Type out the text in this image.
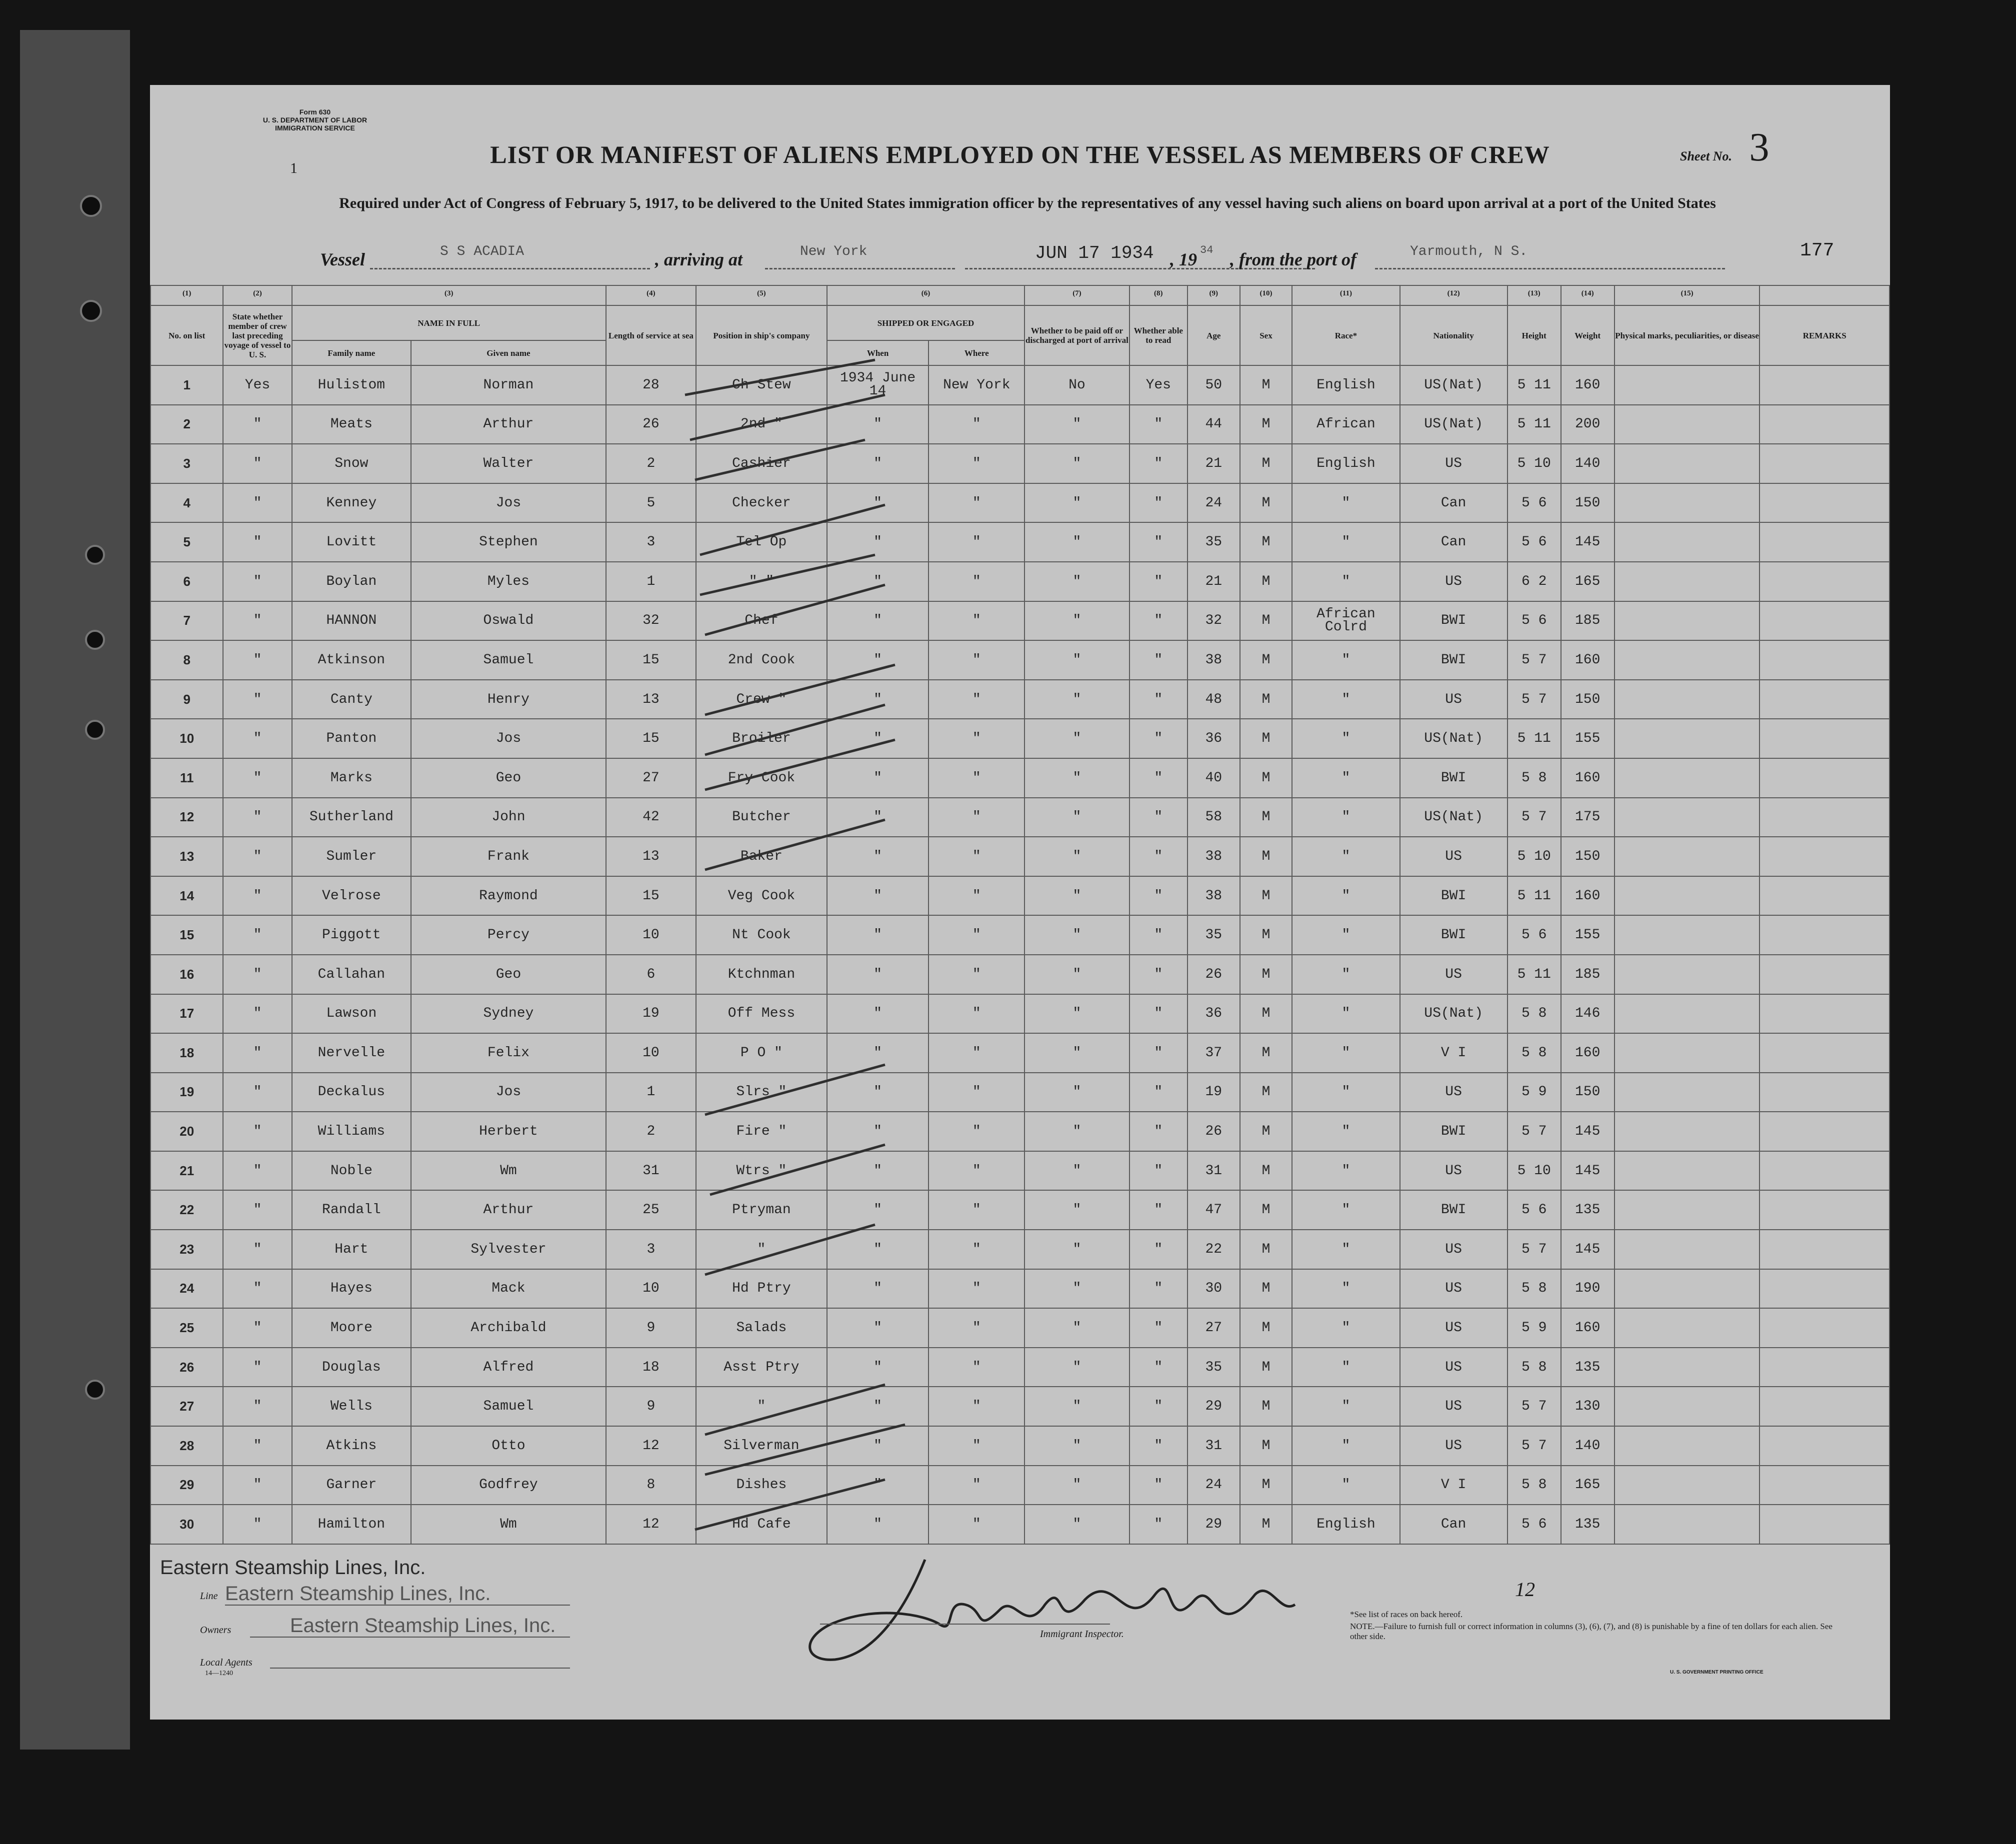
Form 630
U. S. DEPARTMENT OF LABOR
IMMIGRATION SERVICE
1
Sheet No. 3
LIST OR MANIFEST OF ALIENS EMPLOYED ON THE VESSEL AS MEMBERS OF CREW
Required under Act of Congress of February 5, 1917, to be delivered to the United States immigration officer by the representatives of any vessel having such aliens on board upon arrival at a port of the United States
Vessel	S S ACADIA	, arriving at	New York	JUN 17 1934 , 19 34 , from the port of	Yarmouth, N S.	177
(1)	(2)	(3)		(4)	(5)	(6)		(7)	(8)	(9)	(10)	(11)	(12)	(13)	(14)	(15)	
No. on list	State whether member of crew last preceding voyage of vessel to U. S.	NAME IN FULL		Length of service at sea	Position in ship's company	SHIPPED OR ENGAGED		Whether to be paid off or discharged at port of arrival	Whether able to read	Age	Sex	Race*	Nationality	Height	Weight	Physical marks, peculiarities, or disease	REMARKS
		Family name	Given name			When	Where										
1	Yes	Hulistom	Norman	28	Ch Stew	1934 June 14	New York	No	Yes	50	M	English	US(Nat)	5 11	160		
2	"	Meats	Arthur	26	2nd "	"	"	"	"	44	M	African	US(Nat)	5 11	200		
3	"	Snow	Walter	2	Cashier	"	"	"	"	21	M	English	US	5 10	140		
4	"	Kenney	Jos	5	Checker	"	"	"	"	24	M	"	Can	5 6	150		
5	"	Lovitt	Stephen	3	Tel Op	"	"	"	"	35	M	"	Can	5 6	145		
6	"	Boylan	Myles	1	" "	"	"	"	"	21	M	"	US	6 2	165		
7	"	HANNON	Oswald	32	Chef	"	"	"	"	32	M	African Colrd	BWI	5 6	185		
8	"	Atkinson	Samuel	15	2nd Cook	"	"	"	"	38	M	"	BWI	5 7	160		
9	"	Canty	Henry	13	Crew "	"	"	"	"	48	M	"	US	5 7	150		
10	"	Panton	Jos	15	Broiler	"	"	"	"	36	M	"	US(Nat)	5 11	155		
11	"	Marks	Geo	27	Fry Cook	"	"	"	"	40	M	"	BWI	5 8	160		
12	"	Sutherland	John	42	Butcher	"	"	"	"	58	M	"	US(Nat)	5 7	175		
13	"	Sumler	Frank	13	Baker	"	"	"	"	38	M	"	US	5 10	150		
14	"	Velrose	Raymond	15	Veg Cook	"	"	"	"	38	M	"	BWI	5 11	160		
15	"	Piggott	Percy	10	Nt Cook	"	"	"	"	35	M	"	BWI	5 6	155		
16	"	Callahan	Geo	6	Ktchnman	"	"	"	"	26	M	"	US	5 11	185		
17	"	Lawson	Sydney	19	Off Mess	"	"	"	"	36	M	"	US(Nat)	5 8	146		
18	"	Nervelle	Felix	10	P O "	"	"	"	"	37	M	"	V I	5 8	160		
19	"	Deckalus	Jos	1	Slrs "	"	"	"	"	19	M	"	US	5 9	150		
20	"	Williams	Herbert	2	Fire "	"	"	"	"	26	M	"	BWI	5 7	145		
21	"	Noble	Wm	31	Wtrs "	"	"	"	"	31	M	"	US	5 10	145		
22	"	Randall	Arthur	25	Ptryman	"	"	"	"	47	M	"	BWI	5 6	135		
23	"	Hart	Sylvester	3	"	"	"	"	"	22	M	"	US	5 7	145		
24	"	Hayes	Mack	10	Hd Ptry	"	"	"	"	30	M	"	US	5 8	190		
25	"	Moore	Archibald	9	Salads	"	"	"	"	27	M	"	US	5 9	160		
26	"	Douglas	Alfred	18	Asst Ptry	"	"	"	"	35	M	"	US	5 8	135		
27	"	Wells	Samuel	9	"	"	"	"	"	29	M	"	US	5 7	130		
28	"	Atkins	Otto	12	Silverman	"	"	"	"	31	M	"	US	5 7	140		
29	"	Garner	Godfrey	8	Dishes	"	"	"	"	24	M	"	V I	5 8	165		
30	"	Hamilton	Wm	12	Hd Cafe	"	"	"	"	29	M	English	Can	5 6	135		
Eastern Steamship Lines, Inc.
Line Eastern Steamship Lines, Inc.
Owners	Eastern Steamship Lines, Inc.
Local Agents
14—1240
Immigrant Inspector.
12
*See list of races on back hereof.
NOTE.—Failure to furnish full or correct information in columns (3), (6), (7), and (8) is punishable by a fine of ten dollars for each alien. See other side.
U. S. GOVERNMENT PRINTING OFFICE
